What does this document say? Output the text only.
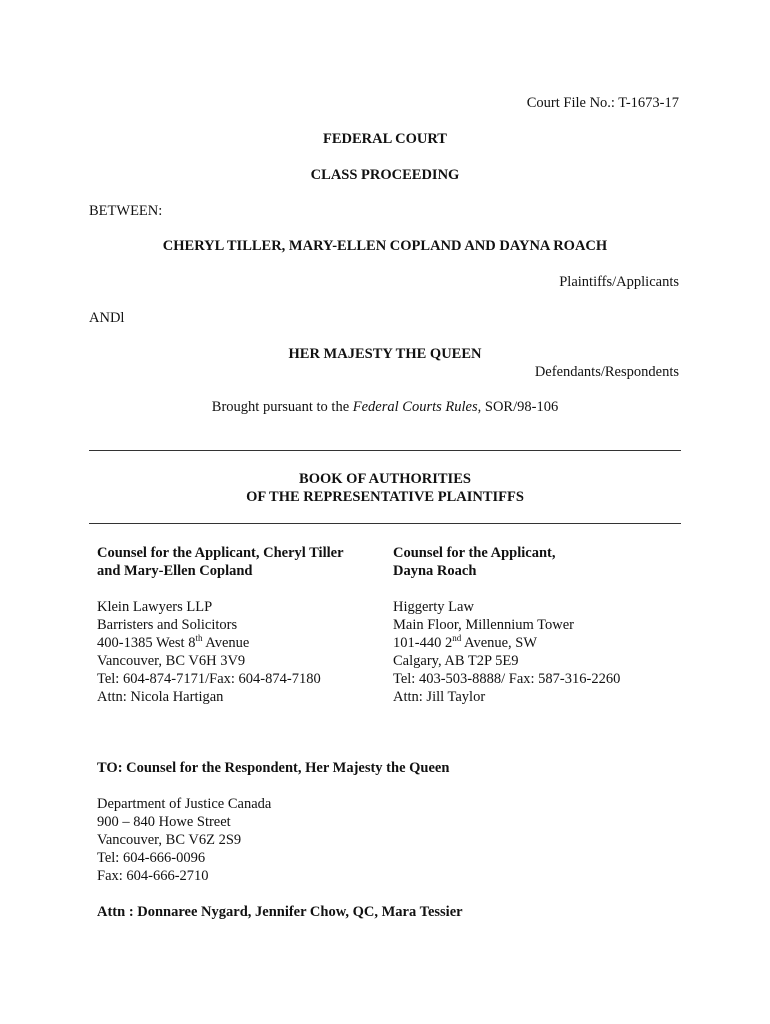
Court File No.: T-1673-17
FEDERAL COURT
CLASS PROCEEDING
BETWEEN:
CHERYL TILLER, MARY-ELLEN COPLAND AND DAYNA ROACH
Plaintiffs/Applicants
ANDl
HER MAJESTY THE QUEEN
Defendants/Respondents
Brought pursuant to the Federal Courts Rules, SOR/98-106
BOOK OF AUTHORITIES
OF THE REPRESENTATIVE PLAINTIFFS
Counsel for the Applicant, Cheryl Tiller
and Mary-Ellen Copland
Klein Lawyers LLP
Barristers and Solicitors
400-1385 West 8th Avenue
Vancouver, BC V6H 3V9
Tel: 604-874-7171/Fax: 604-874-7180
Attn: Nicola Hartigan
Counsel for the Applicant,
Dayna Roach
Higgerty Law
Main Floor, Millennium Tower
101-440 2nd Avenue, SW
Calgary, AB T2P 5E9
Tel: 403-503-8888/ Fax: 587-316-2260
Attn: Jill Taylor
TO: Counsel for the Respondent, Her Majesty the Queen
Department of Justice Canada
900 – 840 Howe Street
Vancouver, BC V6Z 2S9
Tel: 604-666-0096
Fax: 604-666-2710
Attn : Donnaree Nygard, Jennifer Chow, QC, Mara Tessier
